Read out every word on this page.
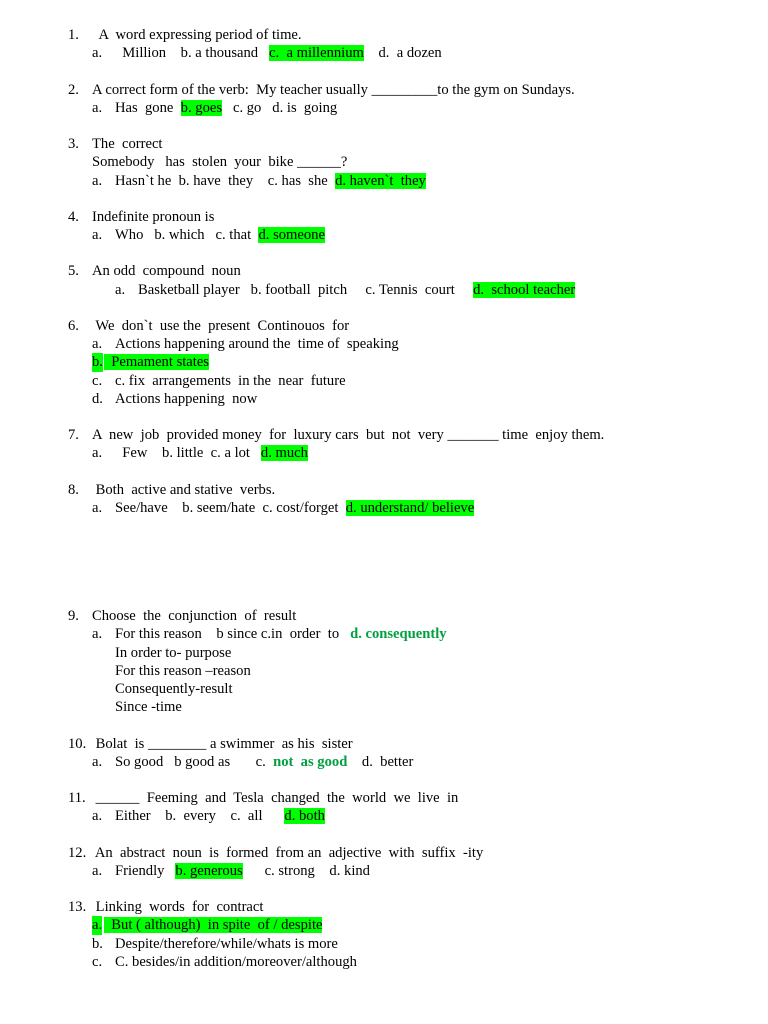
1. A  word expressing period of time.
a. Million    b. a thousand   c.  a millennium    d.  a dozen
2. A correct form of the verb:  My teacher usually _________to the gym on Sundays.
a. Has  gone  b. goes   c. go   d. is  going
3. The  correct
Somebody   has  stolen  your  bike ______?
a. Hasn`t he  b. have  they    c. has  she  d. haven`t  they
4. Indefinite pronoun is
a. Who   b. which   c. that  d. someone
5. An odd  compound  noun
a. Basketball player   b. football  pitch     c. Tennis  court     d.  school teacher
6. We  don`t  use the  present  Continouos  for
a. Actions happening around the  time of  speaking
b. Pemament states
c. c. fix  arrangements  in the  near  future
d. Actions happening  now
7. A  new  job  provided money  for  luxury cars  but  not  very _______ time  enjoy them.
a. Few    b. little  c. a lot   d. much
8. Both  active and stative  verbs.
a. See/have    b. seem/hate  c. cost/forget  d. understand/ believe
9. Choose  the  conjunction  of  result
a. For this reason    b since c.in  order  to   d. consequently
In order to- purpose
For this reason –reason
Consequently-result
Since -time
10. Bolat  is ________ a swimmer  as his  sister
a. So good   b good as       c.  not  as good    d.  better
11. ______  Feeming  and  Tesla  changed  the  world  we  live  in
a. Either    b.  every    c.  all      d. both
12. An  abstract  noun  is  formed  from an  adjective  with  suffix  -ity
a. Friendly   b. generous      c. strong    d. kind
13. Linking  words  for  contract
a. But ( although)  in spite  of / despite
b. Despite/therefore/while/whats is more
c. C. besides/in addition/moreover/although
